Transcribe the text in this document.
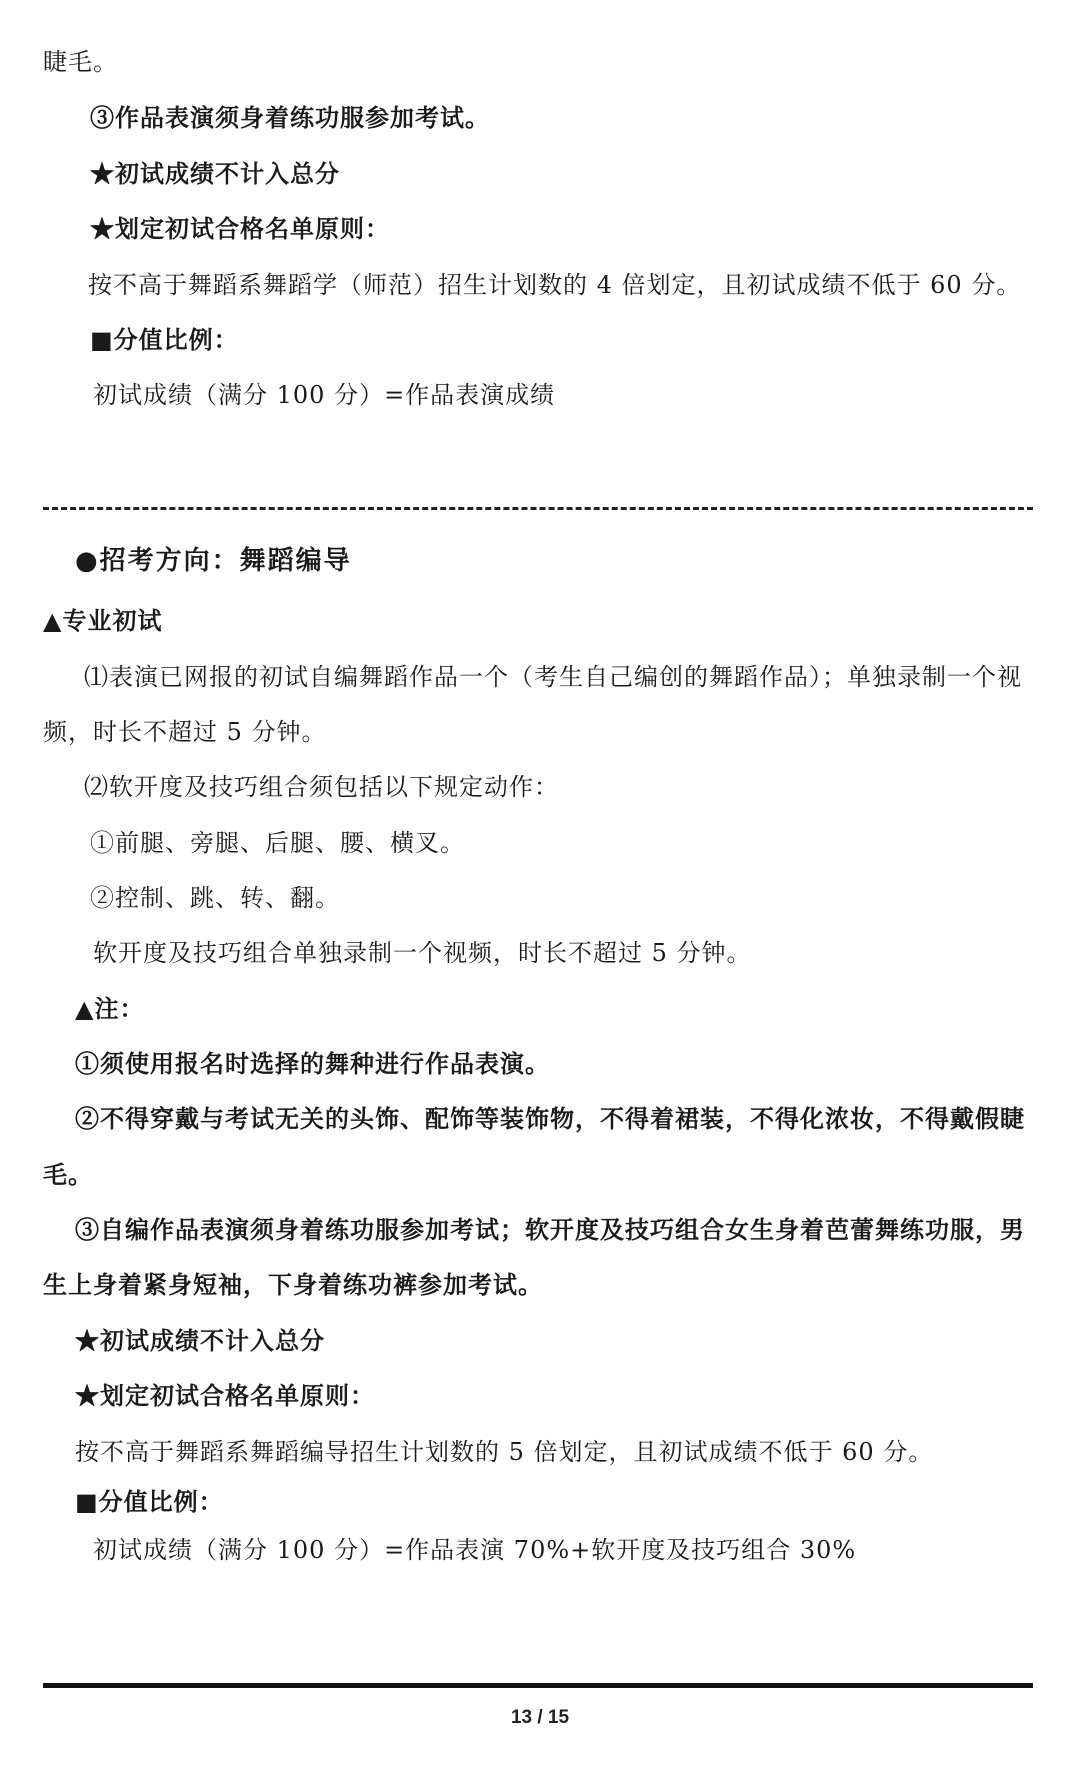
睫毛。
③作品表演须身着练功服参加考试。
★初试成绩不计入总分
★划定初试合格名单原则：
按不高于舞蹈系舞蹈学（师范）招生计划数的 4 倍划定，且初试成绩不低于 60 分。
■分值比例：
初试成绩（满分 100 分）=作品表演成绩
●招考方向：舞蹈编导
▲专业初试
⑴表演已网报的初试自编舞蹈作品一个（考生自己编创的舞蹈作品）；单独录制一个视
频，时长不超过 5 分钟。
⑵软开度及技巧组合须包括以下规定动作：
①前腿、旁腿、后腿、腰、横叉。
②控制、跳、转、翻。
软开度及技巧组合单独录制一个视频，时长不超过 5 分钟。
▲注：
①须使用报名时选择的舞种进行作品表演。
②不得穿戴与考试无关的头饰、配饰等装饰物，不得着裙装，不得化浓妆，不得戴假睫
毛。
③自编作品表演须身着练功服参加考试；软开度及技巧组合女生身着芭蕾舞练功服，男
生上身着紧身短袖，下身着练功裤参加考试。
★初试成绩不计入总分
★划定初试合格名单原则：
按不高于舞蹈系舞蹈编导招生计划数的 5 倍划定，且初试成绩不低于 60 分。
■分值比例：
初试成绩（满分 100 分）=作品表演 70%+软开度及技巧组合 30%
13 / 15
